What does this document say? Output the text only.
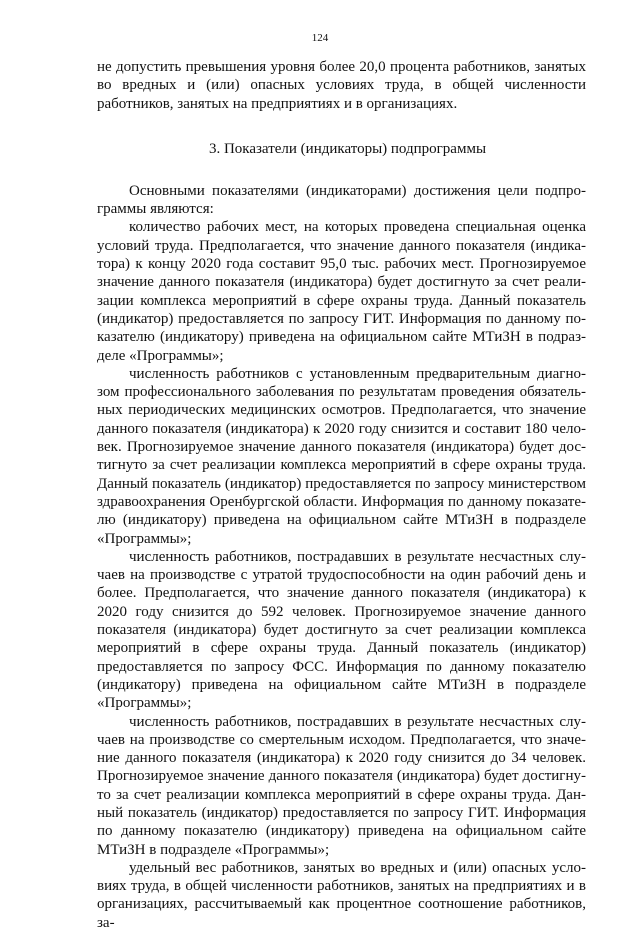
124

не допустить превышения уровня более 20,0 процента работников, занятых во вредных и (или) опасных условиях труда, в общей численности работников, занятых на предприятиях и в организациях.

3. Показатели (индикаторы) подпрограммы

Основными показателями (индикаторами) достижения цели подпрограммы являются:

количество рабочих мест, на которых проведена специальная оценка условий труда. Предполагается, что значение данного показателя (индикатора) к концу 2020 года составит 95,0 тыс. рабочих мест. Прогнозируемое значение данного показателя (индикатора) будет достигнуто за счет реализации комплекса мероприятий в сфере охраны труда. Данный показатель (индикатор) предоставляется по запросу ГИТ. Информация по данному показателю (индикатору) приведена на официальном сайте МТиЗН в подразделе «Программы»;

численность работников с установленным предварительным диагнозом профессионального заболевания по результатам проведения обязательных периодических медицинских осмотров. Предполагается, что значение данного показателя (индикатора) к 2020 году снизится и составит 180 человек. Прогнозируемое значение данного показателя (индикатора) будет достигнуто за счет реализации комплекса мероприятий в сфере охраны труда. Данный показатель (индикатор) предоставляется по запросу министерством здравоохранения Оренбургской области. Информация по данному показателю (индикатору) приведена на официальном сайте МТиЗН в подразделе «Программы»;

численность работников, пострадавших в результате несчастных случаев на производстве с утратой трудоспособности на один рабочий день и более. Предполагается, что значение данного показателя (индикатора) к 2020 году снизится до 592 человек. Прогнозируемое значение данного показателя (индикатора) будет достигнуто за счет реализации комплекса мероприятий в сфере охраны труда. Данный показатель (индикатор) предоставляется по запросу ФСС. Информация по данному показателю (индикатору) приведена на официальном сайте МТиЗН в подразделе «Программы»;

численность работников, пострадавших в результате несчастных случаев на производстве со смертельным исходом. Предполагается, что значение данного показателя (индикатора) к 2020 году снизится до 34 человек. Прогнозируемое значение данного показателя (индикатора) будет достигнуто за счет реализации комплекса мероприятий в сфере охраны труда. Данный показатель (индикатор) предоставляется по запросу ГИТ. Информация по данному показателю (индикатору) приведена на официальном сайте МТиЗН в подразделе «Программы»;

удельный вес работников, занятых во вредных и (или) опасных условиях труда, в общей численности работников, занятых на предприятиях и в организациях, рассчитываемый как процентное соотношение работников, за-
